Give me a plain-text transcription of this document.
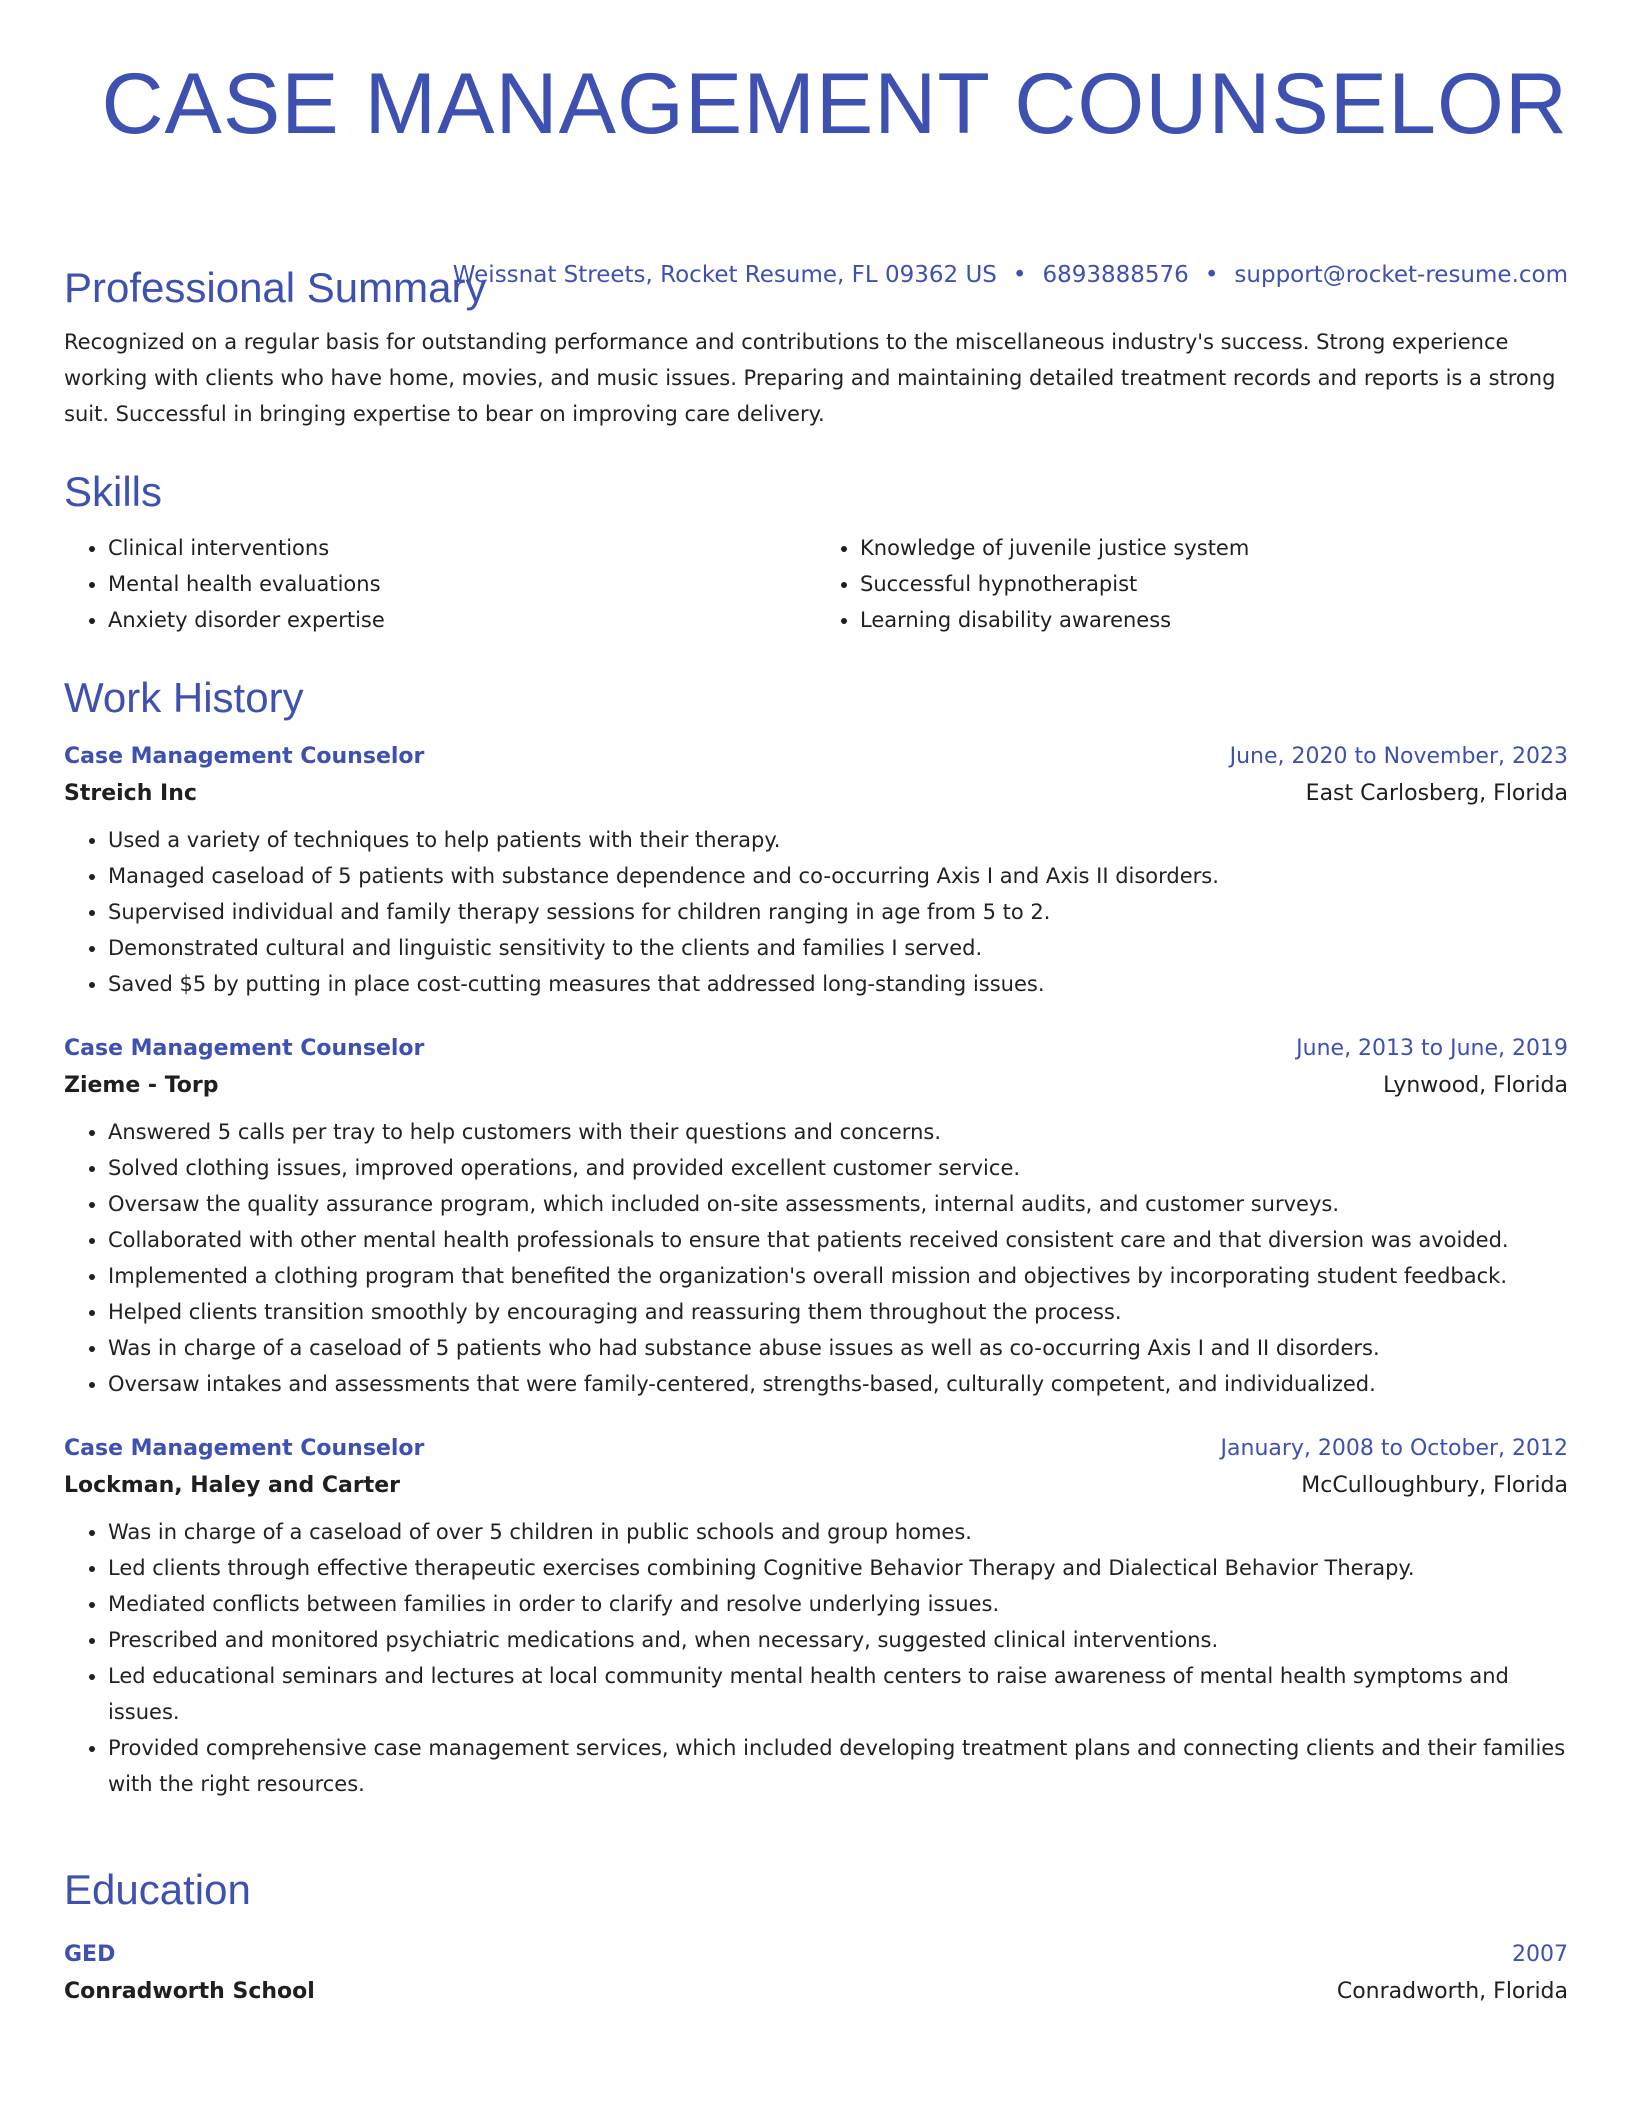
CASE MANAGEMENT COUNSELOR
Weissnat Streets, Rocket Resume, FL 09362 US • 6893888576 • support@rocket-resume.com
Professional Summary

Recognized on a regular basis for outstanding performance and contributions to the miscellaneous industry's success. Strong experience working with clients who have home, movies, and music issues. Preparing and maintaining detailed treatment records and reports is a strong suit. Successful in bringing expertise to bear on improving care delivery.

Skills
• Clinical interventions
• Mental health evaluations
• Anxiety disorder expertise
• Knowledge of juvenile justice system
• Successful hypnotherapist
• Learning disability awareness
Work History
Case Management Counselor	June, 2020 to November, 2023
Streich Inc	East Carlosberg, Florida
• Used a variety of techniques to help patients with their therapy.
• Managed caseload of 5 patients with substance dependence and co-occurring Axis I and Axis II disorders.
• Supervised individual and family therapy sessions for children ranging in age from 5 to 2.
• Demonstrated cultural and linguistic sensitivity to the clients and families I served.
• Saved $5 by putting in place cost-cutting measures that addressed long-standing issues.
Case Management Counselor	June, 2013 to June, 2019
Zieme - Torp	Lynwood, Florida
• Answered 5 calls per tray to help customers with their questions and concerns.
• Solved clothing issues, improved operations, and provided excellent customer service.
• Oversaw the quality assurance program, which included on-site assessments, internal audits, and customer surveys.
• Collaborated with other mental health professionals to ensure that patients received consistent care and that diversion was avoided.
• Implemented a clothing program that benefited the organization's overall mission and objectives by incorporating student feedback.
• Helped clients transition smoothly by encouraging and reassuring them throughout the process.
• Was in charge of a caseload of 5 patients who had substance abuse issues as well as co-occurring Axis I and II disorders.
• Oversaw intakes and assessments that were family-centered, strengths-based, culturally competent, and individualized.
Case Management Counselor	January, 2008 to October, 2012
Lockman, Haley and Carter	McCulloughbury, Florida
• Was in charge of a caseload of over 5 children in public schools and group homes.
• Led clients through effective therapeutic exercises combining Cognitive Behavior Therapy and Dialectical Behavior Therapy.
• Mediated conflicts between families in order to clarify and resolve underlying issues.
• Prescribed and monitored psychiatric medications and, when necessary, suggested clinical interventions.
• Led educational seminars and lectures at local community mental health centers to raise awareness of mental health symptoms and issues.
• Provided comprehensive case management services, which included developing treatment plans and connecting clients and their families with the right resources.
Education
GED	2007
Conradworth School	Conradworth, Florida
